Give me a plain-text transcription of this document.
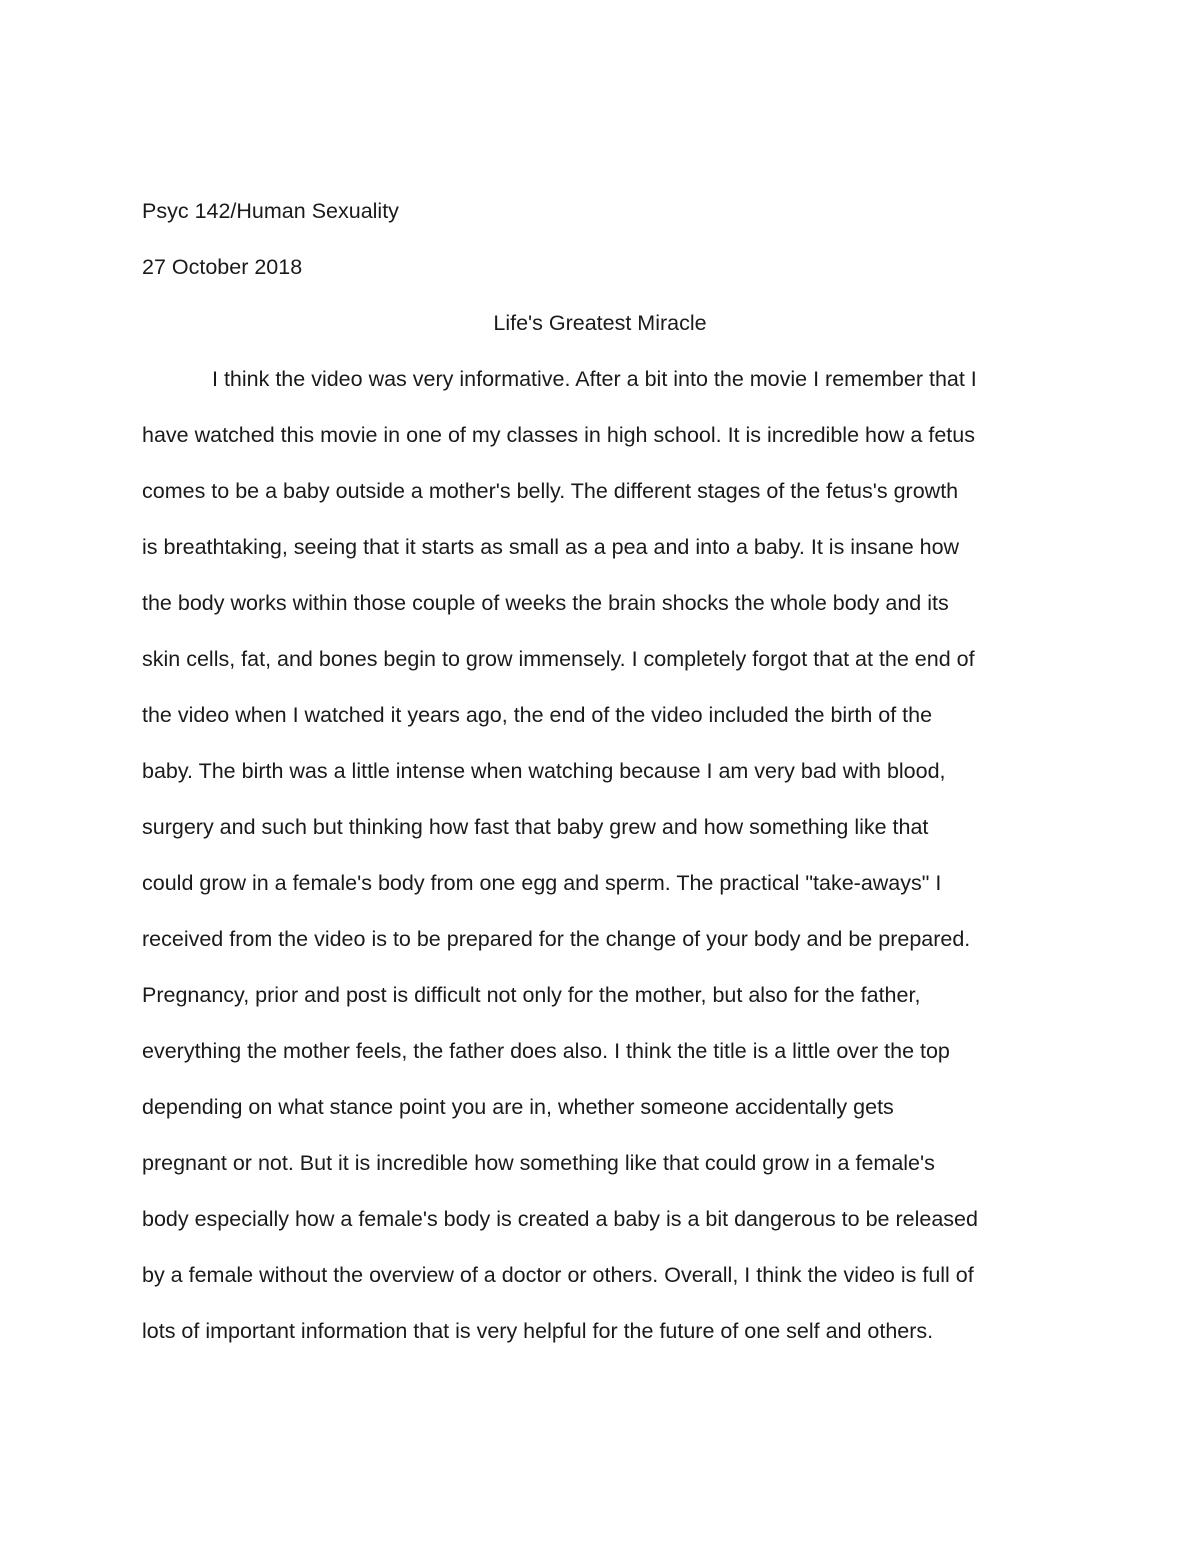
Psyc 142/Human Sexuality
27 October 2018
Life's Greatest Miracle
I think the video was very informative. After a bit into the movie I remember that I
have watched this movie in one of my classes in high school. It is incredible how a fetus
comes to be a baby outside a mother's belly. The different stages of the fetus's growth
is breathtaking, seeing that it starts as small as a pea and into a baby. It is insane how
the body works within those couple of weeks the brain shocks the whole body and its
skin cells, fat, and bones begin to grow immensely. I completely forgot that at the end of
the video when I watched it years ago, the end of the video included the birth of the
baby. The birth was a little intense when watching because I am very bad with blood,
surgery and such but thinking how fast that baby grew and how something like that
could grow in a female's body from one egg and sperm. The practical "take-aways" I
received from the video is to be prepared for the change of your body and be prepared.
Pregnancy, prior and post is difficult not only for the mother, but also for the father,
everything the mother feels, the father does also. I think the title is a little over the top
depending on what stance point you are in, whether someone accidentally gets
pregnant or not. But it is incredible how something like that could grow in a female's
body especially how a female's body is created a baby is a bit dangerous to be released
by a female without the overview of a doctor or others. Overall, I think the video is full of
lots of important information that is very helpful for the future of one self and others.
